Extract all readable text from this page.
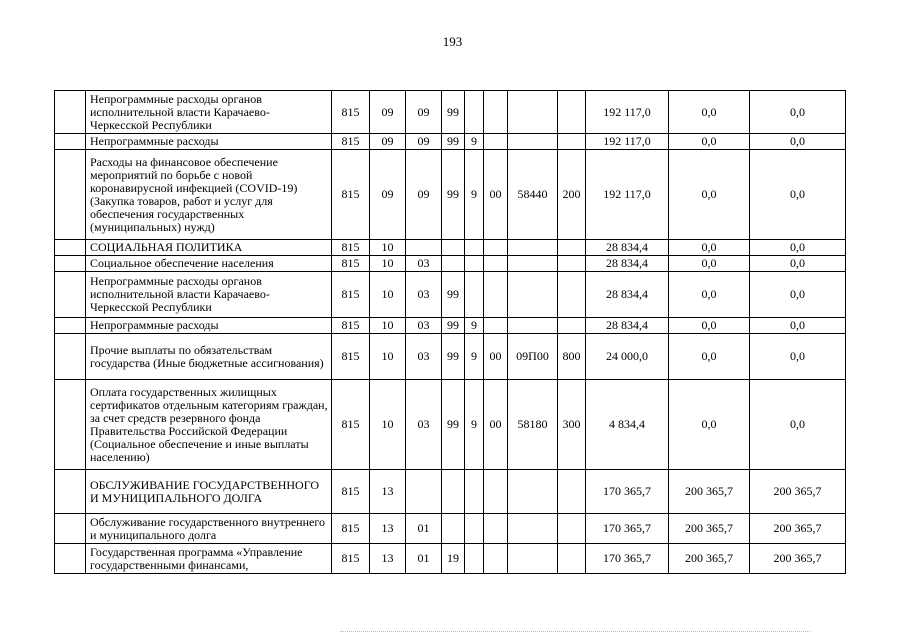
193
	Непрограммные расходы органов исполнительной власти Карачаево-Черкесской Республики	815	09	09	99					192 117,0	0,0	0,0
	Непрограммные расходы	815	09	09	99	9				192 117,0	0,0	0,0
	Расходы на финансовое обеспечение мероприятий по борьбе с новой коронавирусной инфекцией (COVID-19) (Закупка товаров, работ и услуг для обеспечения государственных (муниципальных) нужд)	815	09	09	99	9	00	58440	200	192 117,0	0,0	0,0
	СОЦИАЛЬНАЯ ПОЛИТИКА	815	10							28 834,4	0,0	0,0
	Социальное обеспечение населения	815	10	03						28 834,4	0,0	0,0
	Непрограммные расходы органов исполнительной власти Карачаево-Черкесской Республики	815	10	03	99					28 834,4	0,0	0,0
	Непрограммные расходы	815	10	03	99	9				28 834,4	0,0	0,0
	Прочие выплаты по обязательствам государства (Иные бюджетные ассигнования)	815	10	03	99	9	00	09П00	800	24 000,0	0,0	0,0
	Оплата государственных жилищных сертификатов отдельным категориям граждан, за счет средств резервного фонда Правительства Российской Федерации (Социальное обеспечение и иные выплаты населению)	815	10	03	99	9	00	58180	300	4 834,4	0,0	0,0
	ОБСЛУЖИВАНИЕ ГОСУДАРСТВЕННОГО И МУНИЦИПАЛЬНОГО ДОЛГА	815	13							170 365,7	200 365,7	200 365,7
	Обслуживание государственного внутреннего и муниципального долга	815	13	01						170 365,7	200 365,7	200 365,7
	Государственная программа «Управление государственными финансами,	815	13	01	19					170 365,7	200 365,7	200 365,7
